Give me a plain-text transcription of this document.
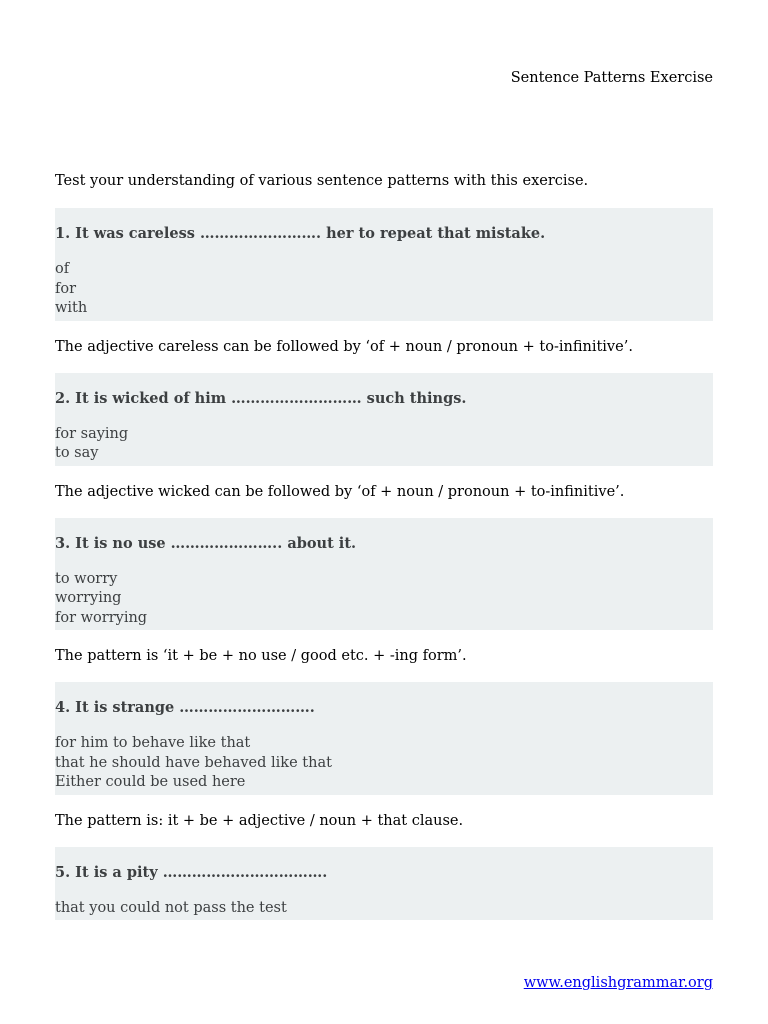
Sentence Patterns Exercise
Test your understanding of various sentence patterns with this exercise.
1. It was careless ……………………. her to repeat that mistake.
of
for
with
The adjective careless can be followed by ‘of + noun / pronoun + to-infinitive’.
2. It is wicked of him ……………………… such things.
for saying
to say
The adjective wicked can be followed by ‘of + noun / pronoun + to-infinitive’.
3. It is no use ………………….. about it.
to worry
worrying
for worrying
The pattern is ‘it + be + no use / good etc. + -ing form’.
4. It is strange ……………………….
for him to behave like that
that he should have behaved like that
Either could be used here
The pattern is: it + be + adjective / noun + that clause.
5. It is a pity …………………………….
that you could not pass the test
www.englishgrammar.org
